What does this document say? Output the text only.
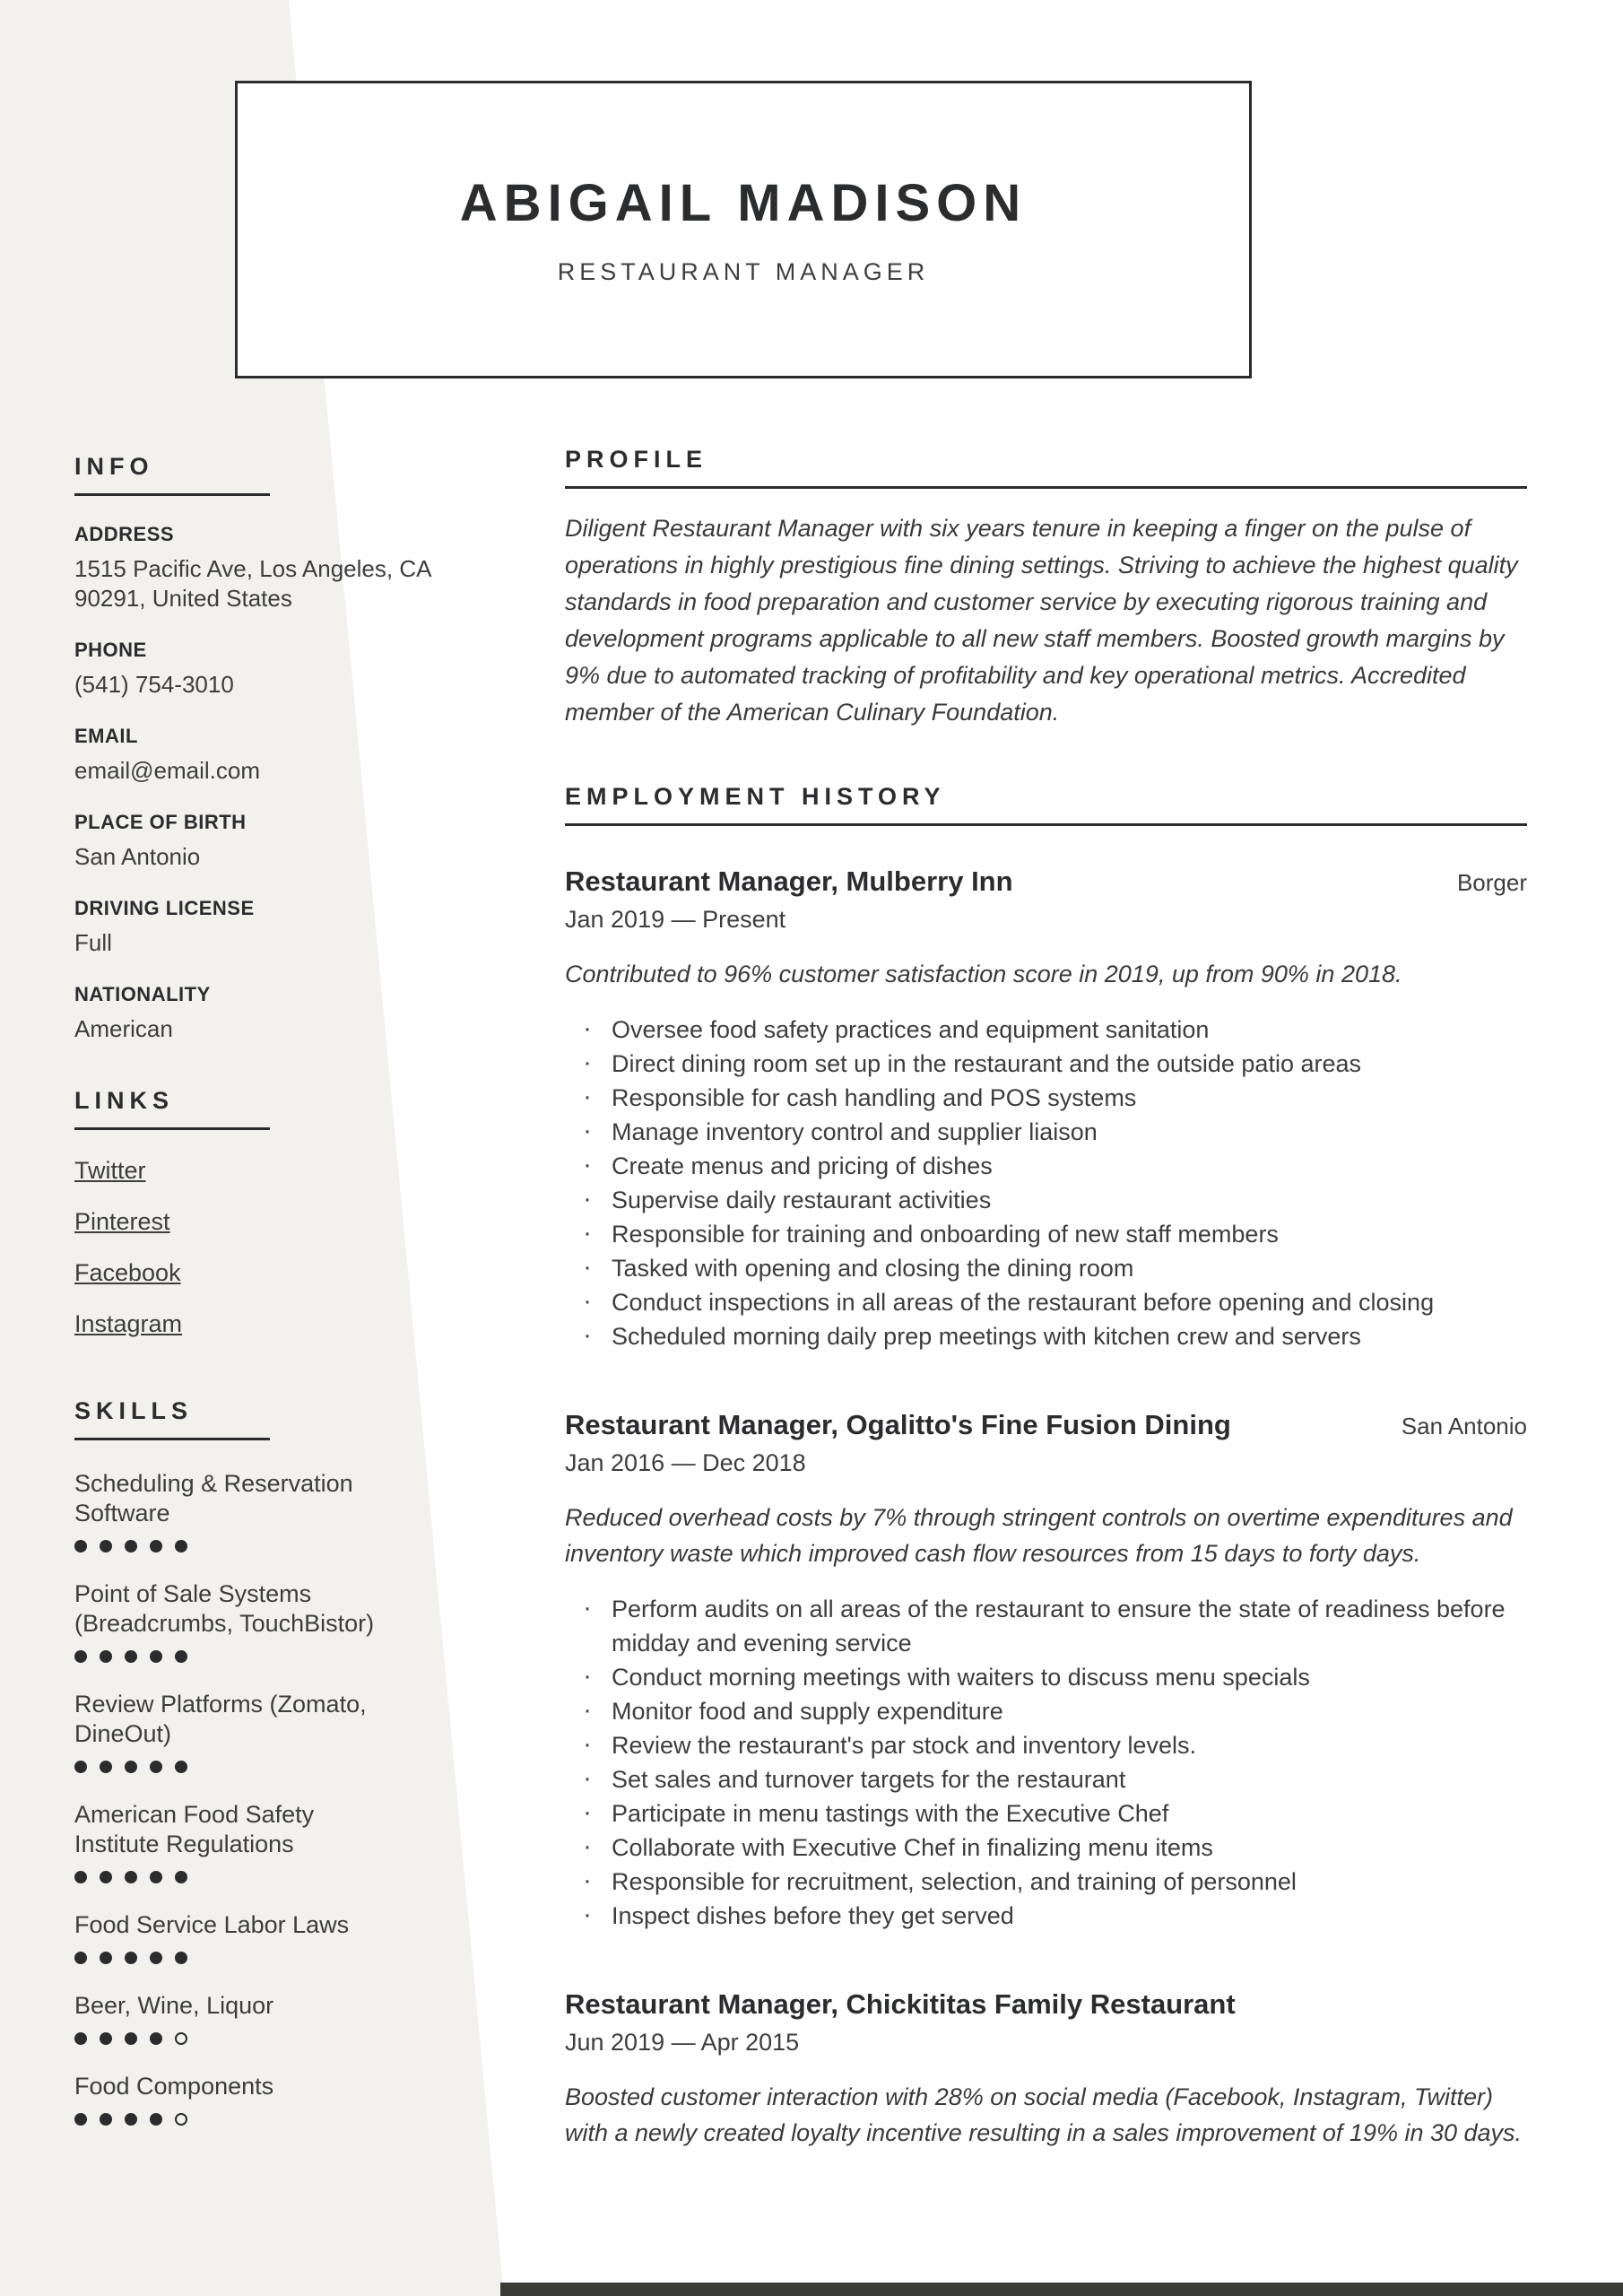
ABIGAIL MADISON
RESTAURANT MANAGER
INFO
ADDRESS
1515 Pacific Ave, Los Angeles, CA
90291, United States
PHONE
(541) 754-3010
EMAIL
email@email.com
PLACE OF BIRTH
San Antonio
DRIVING LICENSE
Full
NATIONALITY
American
LINKS
Twitter
Pinterest
Facebook
Instagram
SKILLS
Scheduling & Reservation Software
Point of Sale Systems (Breadcrumbs, TouchBistor)
Review Platforms (Zomato, DineOut)
American Food Safety Institute Regulations
Food Service Labor Laws
Beer, Wine, Liquor
Food Components
PROFILE

Diligent Restaurant Manager with six years tenure in keeping a finger on the pulse of operations in highly prestigious fine dining settings. Striving to achieve the highest quality standards in food preparation and customer service by executing rigorous training and development programs applicable to all new staff members. Boosted growth margins by 9% due to automated tracking of profitability and key operational metrics. Accredited member of the American Culinary Foundation.

EMPLOYMENT HISTORY
Restaurant Manager, Mulberry Inn	Borger
Jan 2019 — Present

Contributed to 96% customer satisfaction score in 2019, up from 90% in 2018.

· Oversee food safety practices and equipment sanitation
· Direct dining room set up in the restaurant and the outside patio areas
· Responsible for cash handling and POS systems
· Manage inventory control and supplier liaison
· Create menus and pricing of dishes
· Supervise daily restaurant activities
· Responsible for training and onboarding of new staff members
· Tasked with opening and closing the dining room
· Conduct inspections in all areas of the restaurant before opening and closing
· Scheduled morning daily prep meetings with kitchen crew and servers
Restaurant Manager, Ogalitto's Fine Fusion Dining	San Antonio
Jan 2016 — Dec 2018

Reduced overhead costs by 7% through stringent controls on overtime expenditures and inventory waste which improved cash flow resources from 15 days to forty days.

· Perform audits on all areas of the restaurant to ensure the state of readiness before midday and evening service
· Conduct morning meetings with waiters to discuss menu specials
· Monitor food and supply expenditure
· Review the restaurant's par stock and inventory levels.
· Set sales and turnover targets for the restaurant
· Participate in menu tastings with the Executive Chef
· Collaborate with Executive Chef in finalizing menu items
· Responsible for recruitment, selection, and training of personnel
· Inspect dishes before they get served
Restaurant Manager, Chickititas Family Restaurant
Jun 2019 — Apr 2015

Boosted customer interaction with 28% on social media (Facebook, Instagram, Twitter) with a newly created loyalty incentive resulting in a sales improvement of 19% in 30 days.
